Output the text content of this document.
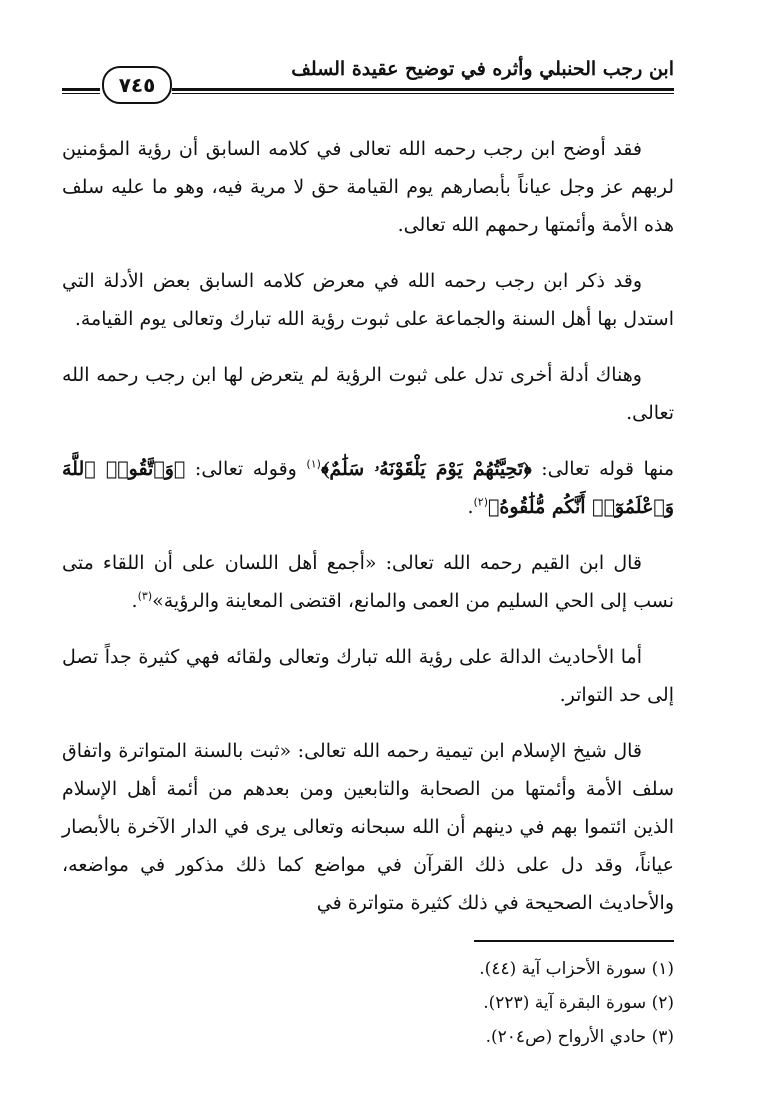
ابن رجب الحنبلي وأثره في توضيح عقيدة السلف
٧٤٥

فقد أوضح ابن رجب رحمه الله تعالى في كلامه السابق أن رؤية المؤمنين لربهم عز وجل عياناً بأبصارهم يوم القيامة حق لا مرية فيه، وهو ما عليه سلف هذه الأمة وأئمتها رحمهم الله تعالى.

وقد ذكر ابن رجب رحمه الله في معرض كلامه السابق بعض الأدلة التي استدل بها أهل السنة والجماعة على ثبوت رؤية الله تبارك وتعالى يوم القيامة.

وهناك أدلة أخرى تدل على ثبوت الرؤية لم يتعرض لها ابن رجب رحمه الله تعالى.

منها قوله تعالى: ﴿تَحِيَّتُهُمْ يَوْمَ يَلْقَوْنَهُۥ سَلَٰمٌ﴾$^{(١)}$ وقوله تعالى: ﴿وَٱتَّقُوا۟ ٱللَّهَ وَٱعْلَمُوٓا۟ أَنَّكُم مُّلَٰقُوهُ﴾$^{(٢)}$.

قال ابن القيم رحمه الله تعالى: «أجمع أهل اللسان على أن اللقاء متى نسب إلى الحي السليم من العمى والمانع، اقتضى المعاينة والرؤية»$^{(٣)}$.

أما الأحاديث الدالة على رؤية الله تبارك وتعالى ولقائه فهي كثيرة جداً تصل إلى حد التواتر.

قال شيخ الإسلام ابن تيمية رحمه الله تعالى: «ثبت بالسنة المتواترة واتفاق سلف الأمة وأئمتها من الصحابة والتابعين ومن بعدهم من أئمة أهل الإسلام الذين ائتموا بهم في دينهم أن الله سبحانه وتعالى يرى في الدار الآخرة بالأبصار عياناً، وقد دل على ذلك القرآن في مواضع كما ذلك مذكور في مواضعه، والأحاديث الصحيحة في ذلك كثيرة متواترة في

(١) سورة الأحزاب آية (٤٤).
(٢) سورة البقرة آية (٢٢٣).
(٣) حادي الأرواح (ص٢٠٤).
